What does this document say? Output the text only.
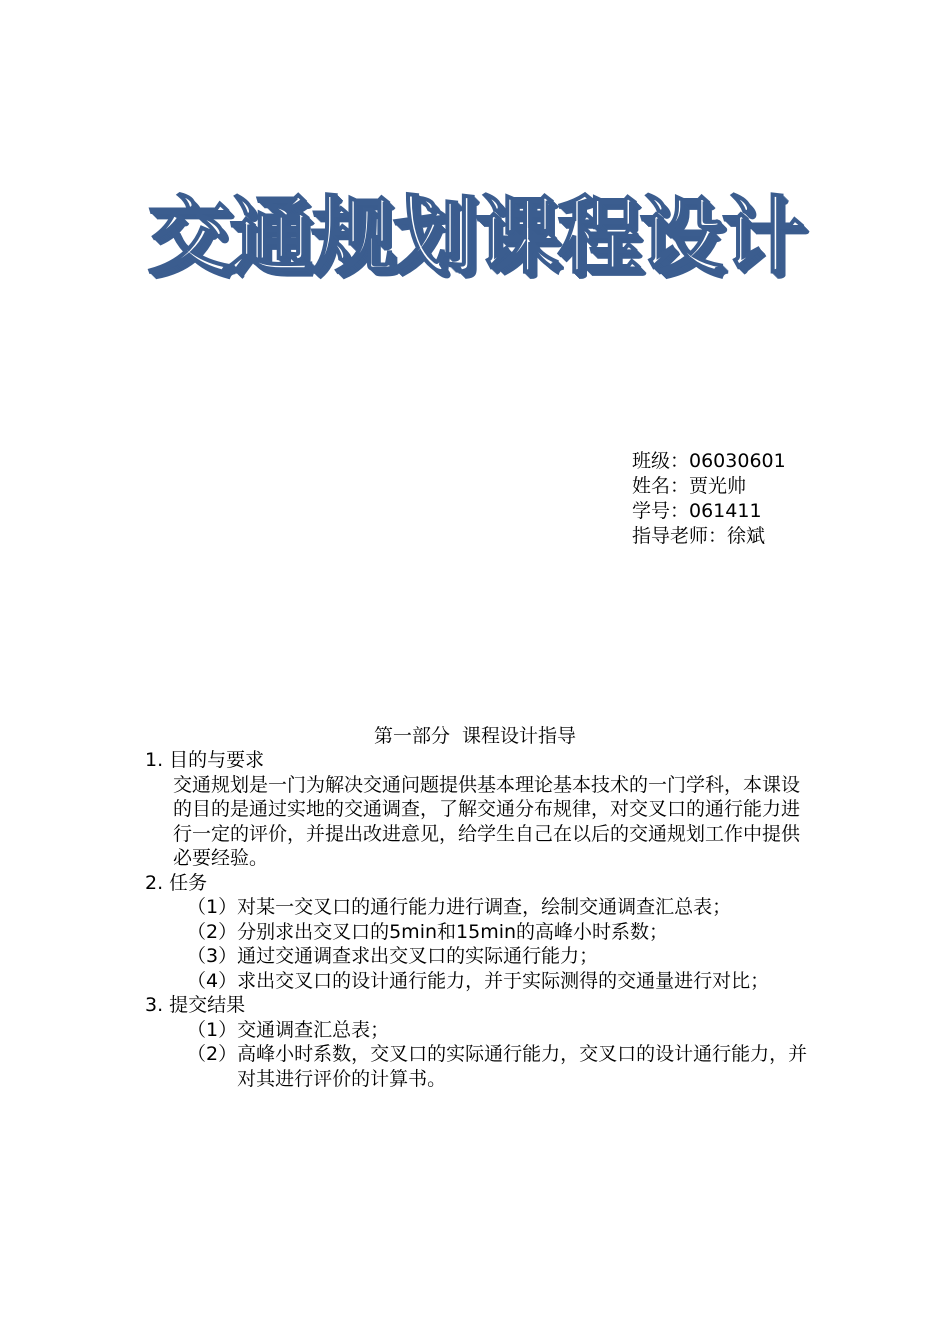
交通规划课程设计
班级：06030601
姓名：贾光帅
学号：061411
指导老师：徐斌
第一部分  课程设计指导
1. 目的与要求
交通规划是一门为解决交通问题提供基本理论基本技术的一门学科，本课设的目的是通过实地的交通调查，了解交通分布规律，对交叉口的通行能力进行一定的评价，并提出改进意见，给学生自己在以后的交通规划工作中提供必要经验。
2. 任务
（1） 对某一交叉口的通行能力进行调查，绘制交通调查汇总表；
（2） 分别求出交叉口的5min和15min的高峰小时系数；
（3） 通过交通调查求出交叉口的实际通行能力；
（4） 求出交叉口的设计通行能力，并于实际测得的交通量进行对比；
3. 提交结果
（1） 交通调查汇总表；
（2） 高峰小时系数，交叉口的实际通行能力，交叉口的设计通行能力，并对其进行评价的计算书。
